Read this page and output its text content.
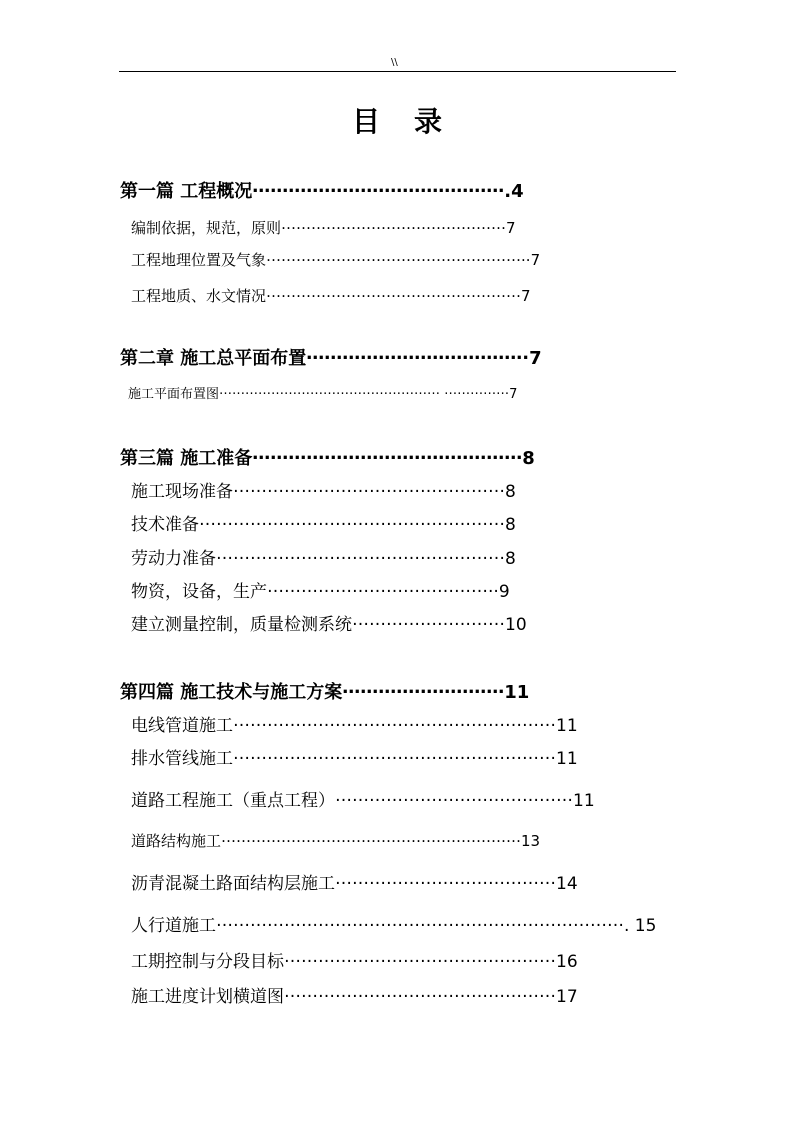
\\
目录
第一篇 工程概况…………………………………….4
编制依据，规范，原则………………………………………7
工程地理位置及气象……………………………………………..7
工程地质、水文情况……………………………………………7
第二章 施工总平面布置……………………………….7
施工平面布置图…………………………………………… ……………7
第三篇 施工准备………………………………………8
施工现场准备…………………………………………8
技术准备………………………………………………8
劳动力准备……………………………………………8
物资，设备，生产…………………………………..9
建立测量控制，质量检测系统………………………10
第四篇 施工技术与施工方案………………………11
电线管道施工…………………………………………………11
排水管线施工…………………………………………………11
道路工程施工（重点工程）……………………………………11
道路结构施工……………………………………………………13
沥青混凝土路面结构层施工…………………………………14
人行道施工………………………………………………………………. 15
工期控制与分段目标…………………………………………16
施工进度计划横道图…………………………………………17
